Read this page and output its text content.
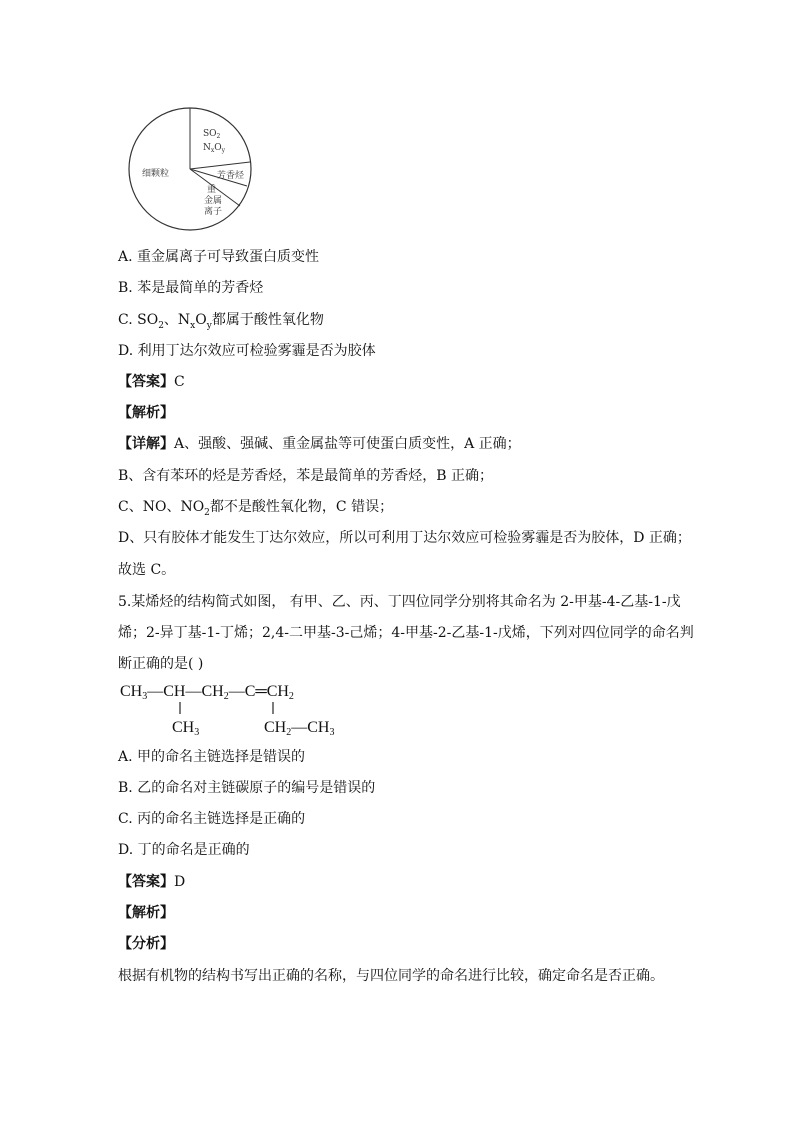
细颗粒
$SO_2$
$N_xO_y$
芳香烃
重
金属
离子
A. 重金属离子可导致蛋白质变性
B. 苯是最简单的芳香烃
C. $SO_2$、$N_xO_y$都属于酸性氧化物
D. 利用丁达尔效应可检验雾霾是否为胶体
【答案】C
【解析】
【详解】A、强酸、强碱、重金属盐等可使蛋白质变性，A 正确；
B、含有苯环的烃是芳香烃，苯是最简单的芳香烃，B 正确；
C、NO、$NO_2$都不是酸性氧化物，C 错误；
D、只有胶体才能发生丁达尔效应，所以可利用丁达尔效应可检验雾霾是否为胶体，D 正确；
故选 C。
5.某烯烃的结构简式如图， 有甲、乙、丙、丁四位同学分别将其命名为 2-甲基-4-乙基-1-戊
烯；2-异丁基-1-丁烯；2,4-二甲基-3-己烯；4-甲基-2-乙基-1-戊烯，下列对四位同学的命名判
断正确的是( )
CH3—CH—CH2—C═CH2
CH3	CH2—CH3
A. 甲的命名主链选择是错误的
B. 乙的命名对主链碳原子的编号是错误的
C. 丙的命名主链选择是正确的
D. 丁的命名是正确的
【答案】D
【解析】
【分析】
根据有机物的结构书写出正确的名称，与四位同学的命名进行比较，确定命名是否正确。
